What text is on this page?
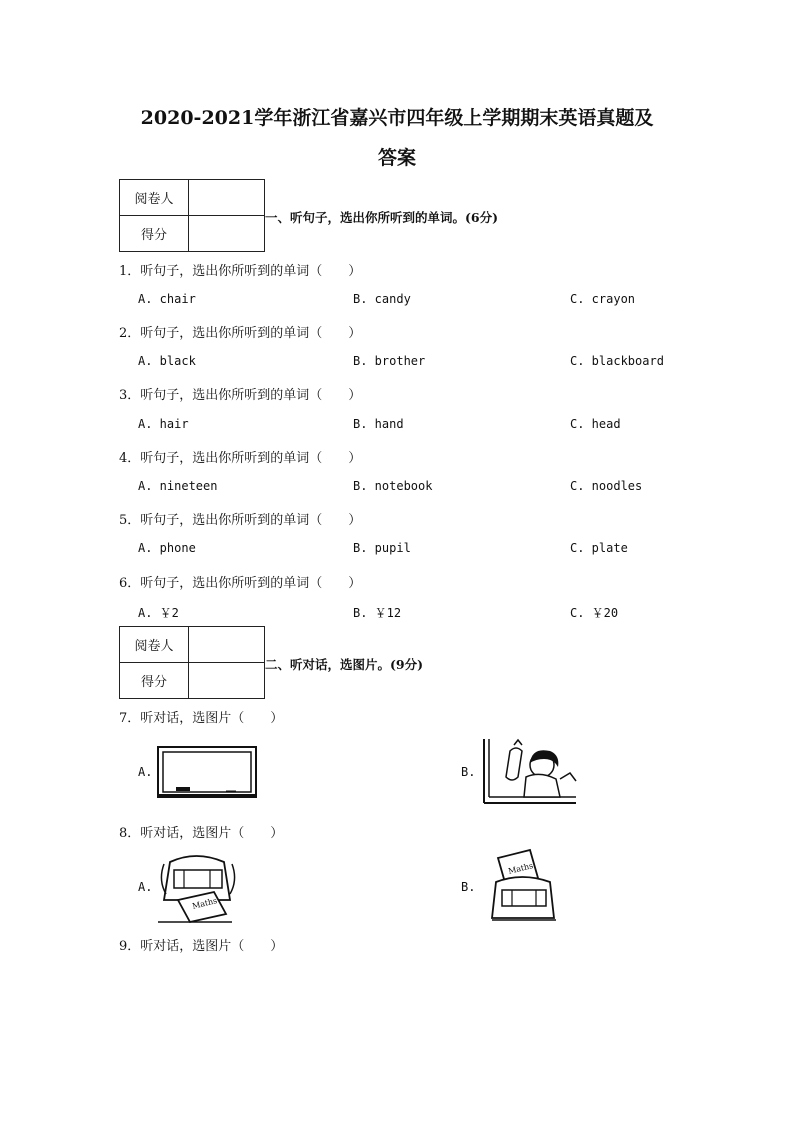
2020-2021学年浙江省嘉兴市四年级上学期期末英语真题及
答案
阅卷人	
得分	
一、听句子，选出你所听到的单词。(6分)
1．听句子，选出你所听到的单词（　　）
A. chair	B. candy	C. crayon
2．听句子，选出你所听到的单词（　　）
A. black	B. brother	C. blackboard
3．听句子，选出你所听到的单词（　　）
A. hair	B. hand	C. head
4．听句子，选出你所听到的单词（　　）
A. nineteen	B. notebook	C. noodles
5．听句子，选出你所听到的单词（　　）
A. phone	B. pupil	C. plate
6．听句子，选出你所听到的单词（　　）
A. ￥2	B. ￥12	C. ￥20
阅卷人	
得分	
二、听对话，选图片。(9分)
7．听对话，选图片（　　）
A.	B.
8．听对话，选图片（　　）
A.
Maths
B.
Maths
9．听对话，选图片（　　）
